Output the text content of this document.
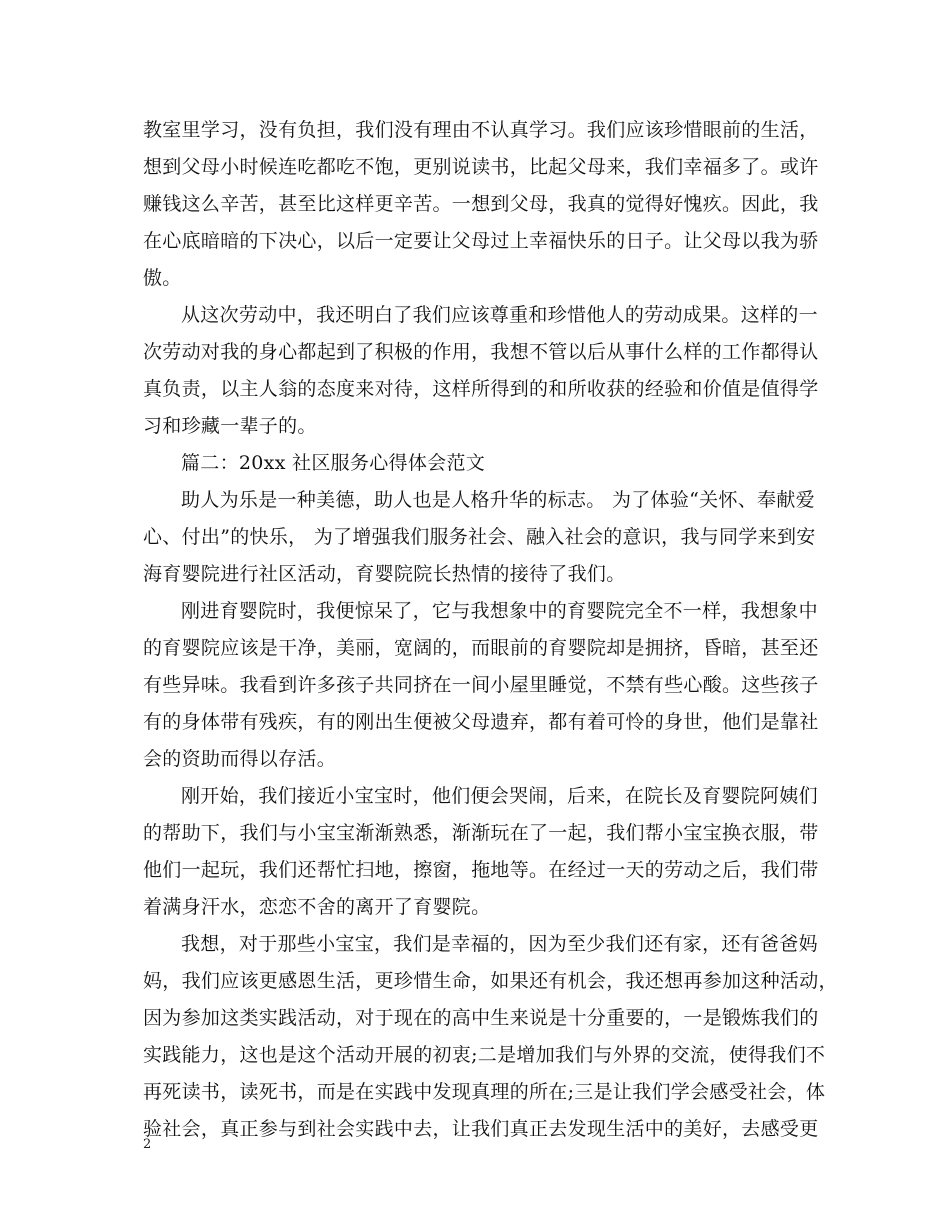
教室里学习，没有负担，我们没有理由不认真学习。我们应该珍惜眼前的生活，
想到父母小时候连吃都吃不饱，更别说读书，比起父母来，我们幸福多了。或许
赚钱这么辛苦，甚至比这样更辛苦。一想到父母，我真的觉得好愧疚。因此，我
在心底暗暗的下决心，以后一定要让父母过上幸福快乐的日子。让父母以我为骄
傲。
从这次劳动中，我还明白了我们应该尊重和珍惜他人的劳动成果。这样的一
次劳动对我的身心都起到了积极的作用，我想不管以后从事什么样的工作都得认
真负责，以主人翁的态度来对待，这样所得到的和所收获的经验和价值是值得学
习和珍藏一辈子的。
篇二：20xx 社区服务心得体会范文
助人为乐是一种美德，助人也是人格升华的标志。 为了体验“关怀、奉献爱
心、付出”的快乐， 为了增强我们服务社会、融入社会的意识，我与同学来到安
海育婴院进行社区活动，育婴院院长热情的接待了我们。
刚进育婴院时，我便惊呆了，它与我想象中的育婴院完全不一样，我想象中
的育婴院应该是干净，美丽，宽阔的，而眼前的育婴院却是拥挤，昏暗，甚至还
有些异味。我看到许多孩子共同挤在一间小屋里睡觉，不禁有些心酸。这些孩子
有的身体带有残疾，有的刚出生便被父母遗弃，都有着可怜的身世，他们是靠社
会的资助而得以存活。
刚开始，我们接近小宝宝时，他们便会哭闹，后来，在院长及育婴院阿姨们
的帮助下，我们与小宝宝渐渐熟悉，渐渐玩在了一起，我们帮小宝宝换衣服，带
他们一起玩，我们还帮忙扫地，擦窗，拖地等。在经过一天的劳动之后，我们带
着满身汗水，恋恋不舍的离开了育婴院。
我想，对于那些小宝宝，我们是幸福的，因为至少我们还有家，还有爸爸妈
妈，我们应该更感恩生活，更珍惜生命，如果还有机会，我还想再参加这种活动，
因为参加这类实践活动，对于现在的高中生来说是十分重要的，一是锻炼我们的
实践能力，这也是这个活动开展的初衷;二是增加我们与外界的交流，使得我们不
再死读书，读死书，而是在实践中发现真理的所在;三是让我们学会感受社会，体
验社会，真正参与到社会实践中去，让我们真正去发现生活中的美好，去感受更
2
